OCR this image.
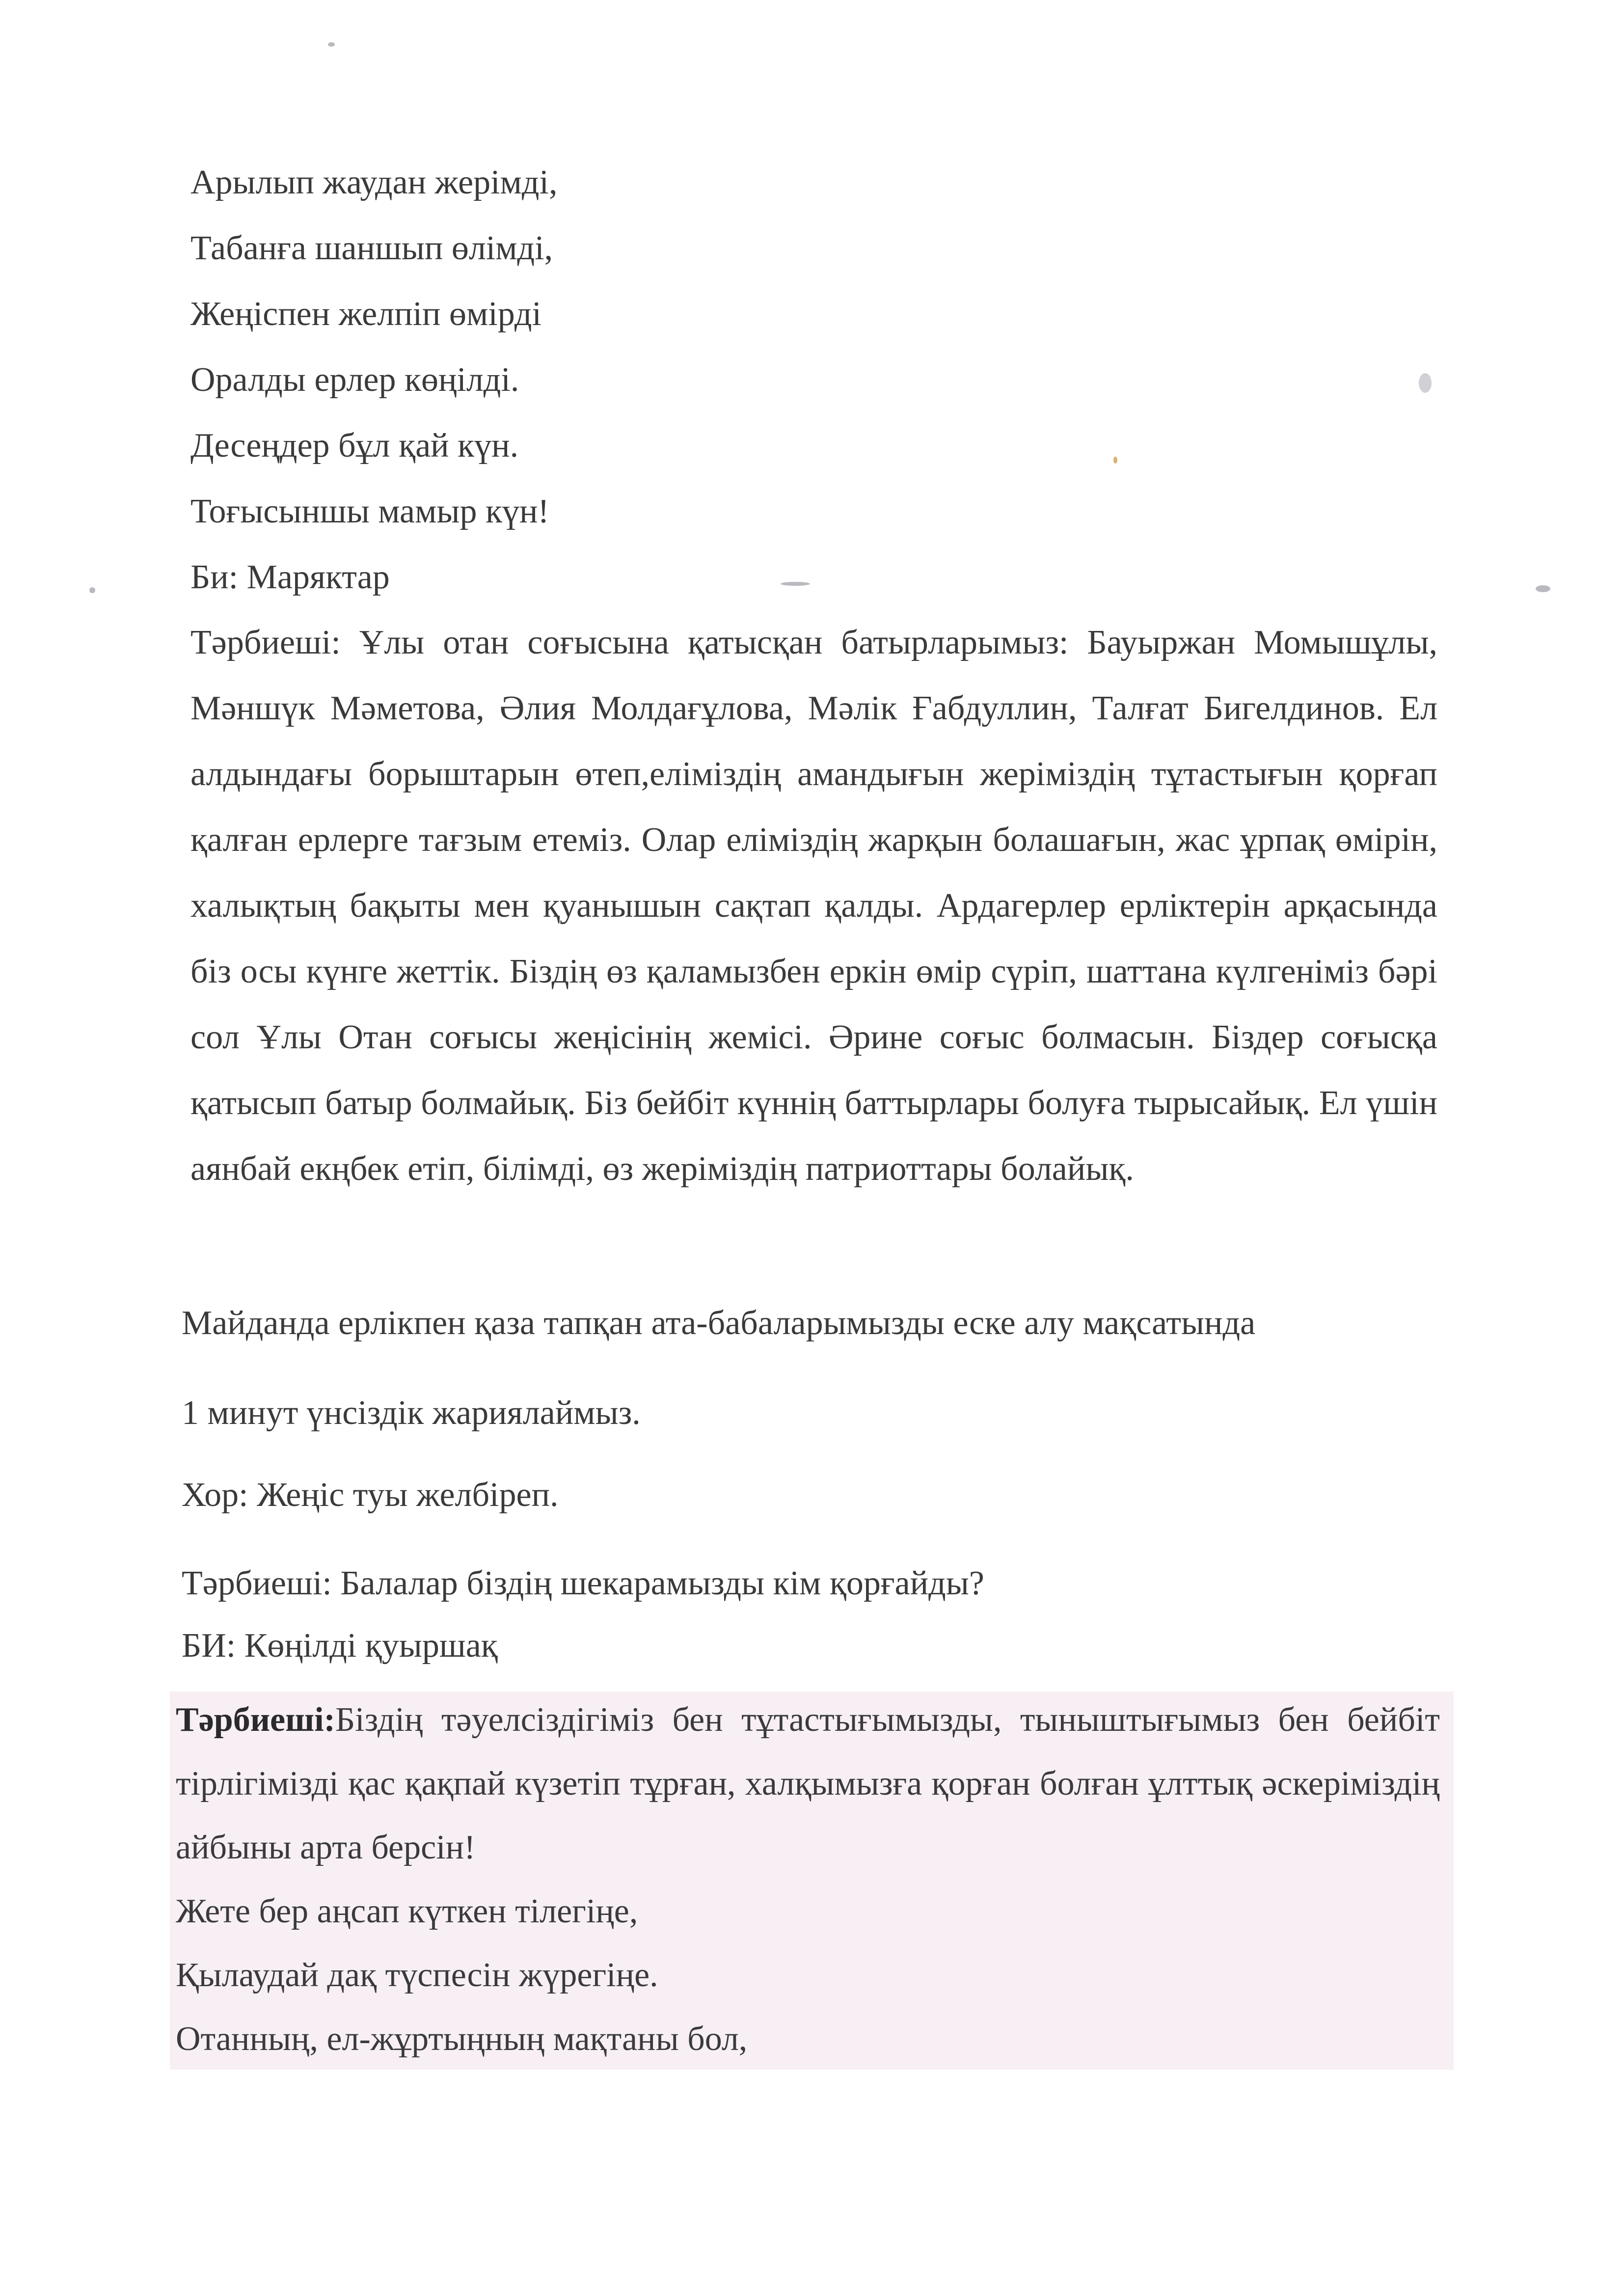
Арылып жаудан жерімді,
Табанға шаншып өлімді,
Жеңіспен желпіп өмірді
Оралды ерлер көңілді.
Десеңдер бұл қай күн.
Тоғысыншы мамыр күн!
Би: Маряктар
Тәрбиеші: Ұлы отан соғысына қатысқан батырларымыз: Бауыржан Момышұлы, Мәншүк Мәметова, Әлия Молдағұлова, Мәлік Ғабдуллин, Талғат Бигелдинов. Ел алдындағы борыштарын өтеп,еліміздің амандығын жеріміздің тұтастығын қорғап қалған ерлерге тағзым етеміз. Олар еліміздің жарқын болашағын, жас ұрпақ өмірін, халықтың бақыты мен қуанышын сақтап қалды. Ардагерлер ерліктерін арқасында біз осы күнге жеттік. Біздің өз қаламызбен еркін өмір сүріп, шаттана күлгеніміз бәрі сол Ұлы Отан соғысы жеңісінің жемісі. Әрине соғыс болмасын. Біздер соғысқа қатысып батыр болмайық. Біз бейбіт күннің баттырлары болуға тырысайық. Ел үшін аянбай екңбек етіп, білімді, өз жеріміздің патриоттары болайық.
Майданда ерлікпен қаза тапқан ата-бабаларымызды еске алу мақсатында
1 минут үнсіздік жариялаймыз.
Хор: Жеңіс туы желбіреп.
Тәрбиеші: Балалар біздің шекарамызды кім қорғайды?
БИ: Көңілді қуыршақ
Тәрбиеші:Біздің тәуелсіздігіміз бен тұтастығымызды, тыныштығымыз бен бейбіт тірлігімізді қас қақпай күзетіп тұрған, халқымызға қорған болған ұлттық әскеріміздің айбыны арта берсін!
Жете бер аңсап күткен тілегіңе,
Қылаудай дақ түспесін жүрегіңе.
Отанның, ел-жұртыңның мақтаны бол,
